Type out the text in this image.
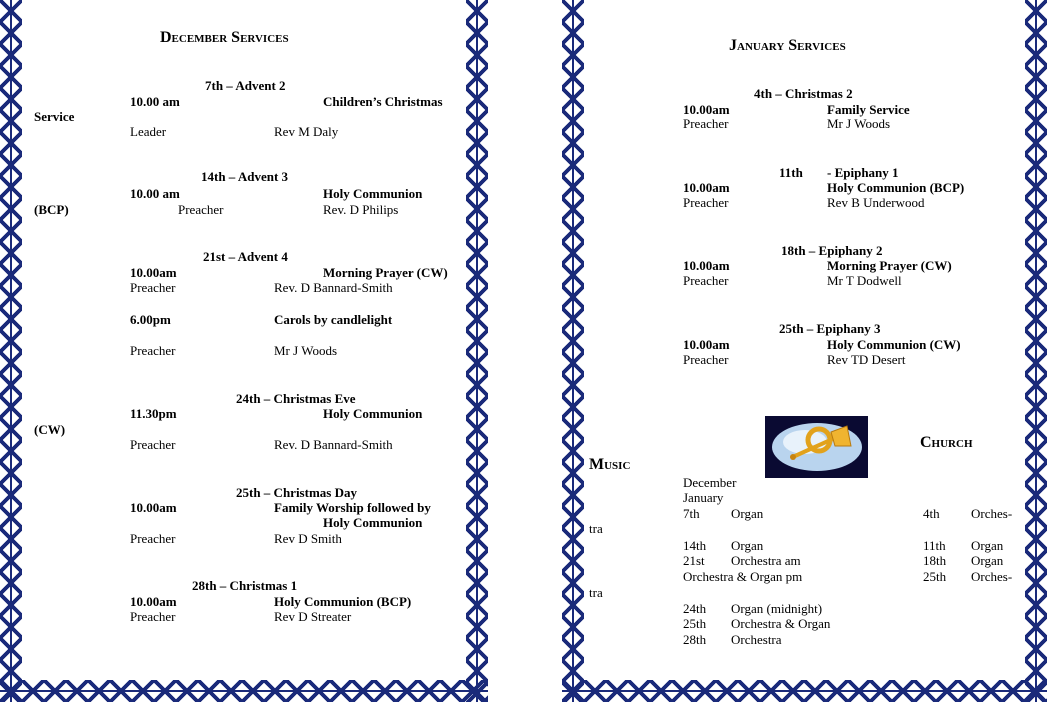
December Services
7th – Advent 2
10.00 am	Children’s Christmas
Service
Leader	Rev M Daly
14th – Advent 3
10.00 am	Holy Communion
(BCP)	Preacher	Rev. D Philips
21st – Advent 4
10.00am	Morning Prayer (CW)
Preacher	Rev. D Bannard-Smith
6.00pm	Carols by candlelight
Preacher	Mr J Woods
24th – Christmas Eve
11.30pm	Holy Communion
(CW)
Preacher	Rev. D Bannard-Smith
25th – Christmas Day
10.00am	Family Worship followed by
Holy Communion
Preacher	Rev D Smith
28th – Christmas 1
10.00am	Holy Communion (BCP)
Preacher	Rev D Streater
January Services
4th – Christmas 2
10.00am	Family Service
Preacher	Mr J Woods
11th - Epiphany 1
10.00am	Holy Communion (BCP)
Preacher	Rev B Underwood
18th – Epiphany 2
10.00am	Morning Prayer (CW)
Preacher	Mr T Dodwell
25th – Epiphany 3
10.00am	Holy Communion (CW)
Preacher	Rev TD Desert
Music
Church
December
January
7th Organ	4th Orches-
tra
14th Organ	11th Organ
21st Orchestra am	18th Organ
Orchestra & Organ pm	25th Orches-
tra
24th Organ (midnight)
25th Orchestra & Organ
28th Orchestra
